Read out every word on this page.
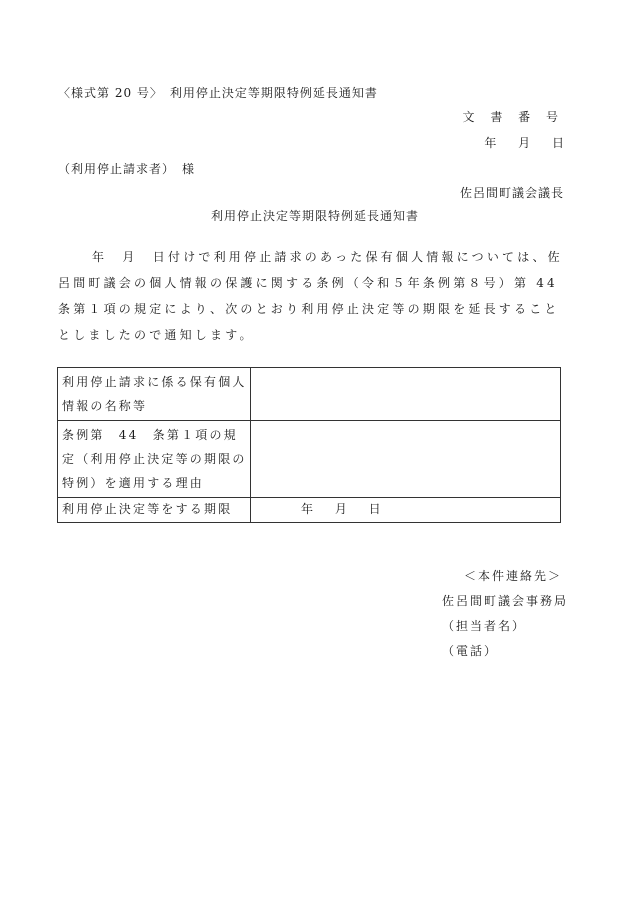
〈様式第 20 号〉　利用停止決定等期限特例延長通知書
文 書 番 号
年 月 日
（利用停止請求者）　様
佐呂間町議会議長
利用停止決定等期限特例延長通知書
年　月　日付けで利用停止請求のあった保有個人情報については、佐呂間町議会の個人情報の保護に関する条例（令和５年条例第８号）第 44 条第１項の規定により、次のとおり利用停止決定等の期限を延長することとしましたので通知します。
利用停止請求に係る保有個人情報の名称等	
条例第　44　条第１項の規定（利用停止決定等の期限の特例）を適用する理由	
利用停止決定等をする期限	年 月 日
＜本件連絡先＞
佐呂間町議会事務局
（担当者名）
（電話）
